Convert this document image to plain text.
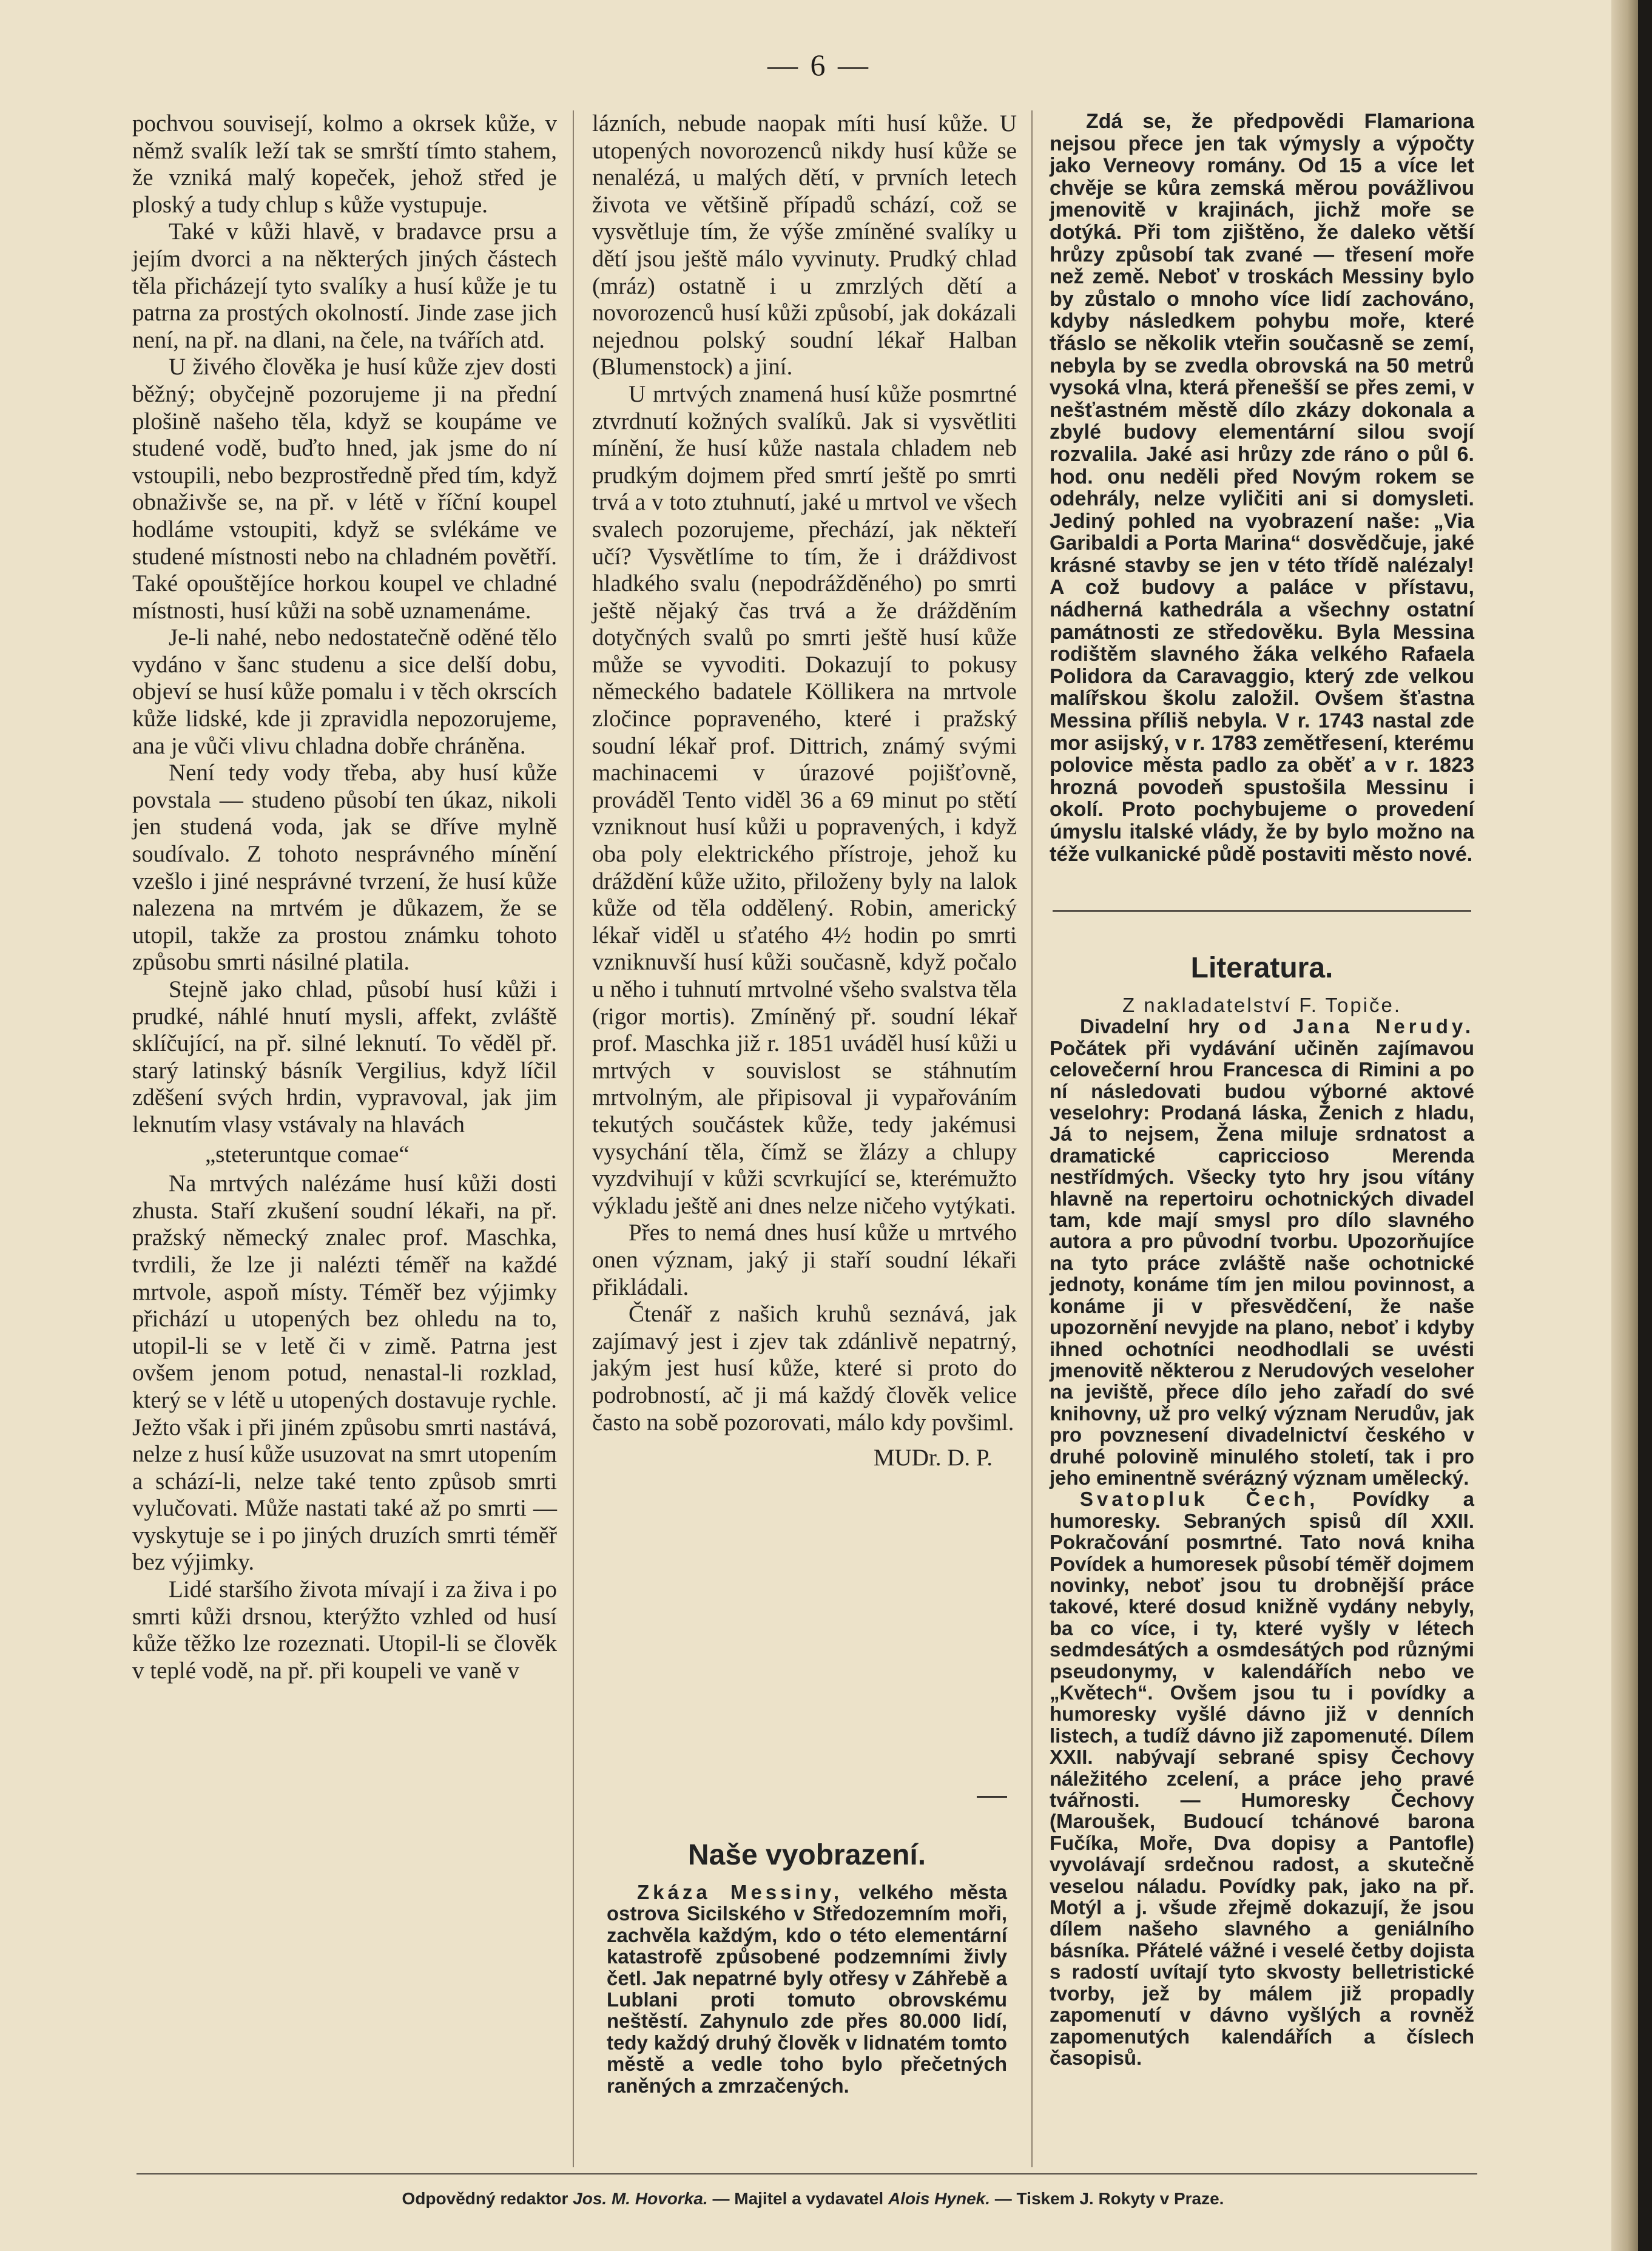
— 6 —

pochvou souvisejí, kolmo a okrsek kůže, v němž svalík leží tak se smrští tímto stahem, že vzniká malý kopeček, jehož střed je ploský a tudy chlup s kůže vystupuje.

Také v kůži hlavě, v bradavce prsu a jejím dvorci a na některých jiných částech těla přicházejí tyto svalíky a husí kůže je tu patrna za prostých okolností. Jinde zase jich není, na př. na dlani, na čele, na tvářích atd.

U živého člověka je husí kůže zjev dosti běžný; obyčejně pozorujeme ji na přední plošině našeho těla, když se koupáme ve studené vodě, buďto hned, jak jsme do ní vstoupili, nebo bezprostředně před tím, když obnaživše se, na př. v létě v říční koupel hodláme vstoupiti, když se svlékáme ve studené místnosti nebo na chladném povětří. Také opouštějíce horkou koupel ve chladné místnosti, husí kůži na sobě uznamenáme.

Je-li nahé, nebo nedostatečně oděné tělo vydáno v šanc studenu a sice delší dobu, objeví se husí kůže pomalu i v těch okrscích kůže lidské, kde ji zpravidla nepozorujeme, ana je vůči vlivu chladna dobře chráněna.

Není tedy vody třeba, aby husí kůže povstala — studeno působí ten úkaz, nikoli jen studená voda, jak se dříve mylně soudívalo. Z tohoto nesprávného mínění vzešlo i jiné nesprávné tvrzení, že husí kůže nalezena na mrtvém je důkazem, že se utopil, takže za prostou známku tohoto způsobu smrti násilné platila.

Stejně jako chlad, působí husí kůži i prudké, náhlé hnutí mysli, affekt, zvláště sklíčující, na př. silné leknutí. To věděl př. starý latinský básník Vergilius, když líčil zděšení svých hrdin, vypravoval, jak jim leknutím vlasy vstávaly na hlavách

„steteruntque comae“

Na mrtvých nalézáme husí kůži dosti zhusta. Staří zkušení soudní lékaři, na př. pražský německý znalec prof. Maschka, tvrdili, že lze ji nalézti téměř na každé mrtvole, aspoň místy. Téměř bez výjimky přichází u utopených bez ohledu na to, utopil-li se v letě či v zimě. Patrna jest ovšem jenom potud, nenastal-li rozklad, který se v létě u utopených dostavuje rychle. Ježto však i při jiném způsobu smrti nastává, nelze z husí kůže usuzovat na smrt utopením a schází-li, nelze také tento způsob smrti vylučovati. Může nastati také až po smrti — vyskytuje se i po jiných druzích smrti téměř bez výjimky.

Lidé staršího života mívají i za živa i po smrti kůži drsnou, kterýžto vzhled od husí kůže těžko lze rozeznati. Utopil-li se člověk v teplé vodě, na př. při koupeli ve vaně v

lázních, nebude naopak míti husí kůže. U utopených novorozenců nikdy husí kůže se nenalézá, u malých dětí, v prvních letech života ve většině případů schází, což se vysvětluje tím, že výše zmíněné svalíky u dětí jsou ještě málo vyvinuty. Prudký chlad (mráz) ostatně i u zmrzlých dětí a novorozenců husí kůži způsobí, jak dokázali nejednou polský soudní lékař Halban (Blumenstock) a jiní.

U mrtvých znamená husí kůže posmrtné ztvrdnutí kožných svalíků. Jak si vysvětliti mínění, že husí kůže nastala chladem neb prudkým dojmem před smrtí ještě po smrti trvá a v toto ztuhnutí, jaké u mrtvol ve všech svalech pozorujeme, přechází, jak někteří učí? Vysvětlíme to tím, že i dráždivost hladkého svalu (nepodrážděného) po smrti ještě nějaký čas trvá a že drážděním dotyčných svalů po smrti ještě husí kůže může se vyvoditi. Dokazují to pokusy německého badatele Köllikera na mrtvole zločince popraveného, které i pražský soudní lékař prof. Dittrich, známý svými machinacemi v úrazové pojišťovně, prováděl Tento viděl 36 a 69 minut po stětí vzniknout husí kůži u popravených, i když oba poly elektrického přístroje, jehož ku dráždění kůže užito, přiloženy byly na lalok kůže od těla oddělený. Robin, americký lékař viděl u sťatého 4½ hodin po smrti vzniknuvší husí kůži současně, když počalo u něho i tuhnutí mrtvolné všeho svalstva těla (rigor mortis). Zmíněný př. soudní lékař prof. Maschka již r. 1851 uváděl husí kůži u mrtvých v souvislost se stáhnutím mrtvolným, ale připisoval ji vypařováním tekutých součástek kůže, tedy jakémusi vysychání těla, čímž se žlázy a chlupy vyzdvihují v kůži scvrkující se, kterémužto výkladu ještě ani dnes nelze ničeho vytýkati.

Přes to nemá dnes husí kůže u mrtvého onen význam, jaký ji staří soudní lékaři přikládali.

Čtenář z našich kruhů seznává, jak zajímavý jest i zjev tak zdánlivě nepatrný, jakým jest husí kůže, které si proto do podrobností, ač ji má každý člověk velice často na sobě pozorovati, málo kdy povšiml.

MUDr. D. P.

Naše vyobrazení.

Zkáza Messiny, velkého města ostrova Sicilského v Středozemním moři, zachvěla každým, kdo o této elementární katastrofě způsobené podzemními živly četl. Jak nepatrné byly otřesy v Záhřebě a Lublani proti tomuto obrovskému neštěstí. Zahynulo zde přes 80.000 lidí, tedy každý druhý člověk v lidnatém tomto městě a vedle toho bylo přečetných raněných a zmrzačených.

Zdá se, že předpovědi Flamariona nejsou přece jen tak výmysly a výpočty jako Verneovy romány. Od 15 a více let chvěje se kůra zemská měrou povážlivou jmenovitě v krajinách, jichž moře se dotýká. Při tom zjištěno, že daleko větší hrůzy způsobí tak zvané — třesení moře než země. Neboť v troskách Messiny bylo by zůstalo o mnoho více lidí zachováno, kdyby následkem pohybu moře, které třáslo se několik vteřin současně se zemí, nebyla by se zvedla obrovská na 50 metrů vysoká vlna, která přenešší se přes zemi, v nešťastném městě dílo zkázy dokonala a zbylé budovy elementární silou svojí rozvalila. Jaké asi hrůzy zde ráno o půl 6. hod. onu neděli před Novým rokem se odehrály, nelze vyličiti ani si domysleti. Jediný pohled na vyobrazení naše: „Via Garibaldi a Porta Marina“ dosvědčuje, jaké krásné stavby se jen v této třídě nalézaly! A což budovy a paláce v přístavu, nádherná kathedrála a všechny ostatní památnosti ze středověku. Byla Messina rodištěm slavného žáka velkého Rafaela Polidora da Caravaggio, který zde velkou malířskou školu založil. Ovšem šťastna Messina příliš nebyla. V r. 1743 nastal zde mor asijský, v r. 1783 zemětřesení, kterému polovice města padlo za oběť a v r. 1823 hrozná povodeň spustošila Messinu i okolí. Proto pochybujeme o provedení úmyslu italské vlády, že by bylo možno na téže vulkanické půdě postaviti město nové.

Literatura.

Z nakladatelství F. Topiče.

Divadelní hry od Jana Nerudy. Počátek při vydávání učiněn zajímavou celovečerní hrou Francesca di Rimini a po ní následovati budou výborné aktové veselohry: Prodaná láska, Ženich z hladu, Já to nejsem, Žena miluje srdnatost a dramatické capriccioso Merenda nestřídmých. Všecky tyto hry jsou vítány hlavně na repertoiru ochotnických divadel tam, kde mají smysl pro dílo slavného autora a pro původní tvorbu. Upozorňujíce na tyto práce zvláště naše ochotnické jednoty, konáme tím jen milou povinnost, a konáme ji v přesvědčení, že naše upozornění nevyjde na plano, neboť i kdyby ihned ochotníci neodhodlali se uvésti jmenovitě některou z Nerudových veseloher na jeviště, přece dílo jeho zařadí do své knihovny, už pro velký význam Nerudův, jak pro povznesení divadelnictví českého v druhé polovině minulého století, tak i pro jeho eminentně svérázný význam umělecký.

Svatopluk Čech, Povídky a humoresky. Sebraných spisů díl XXII. Pokračování posmrtné. Tato nová kniha Povídek a humoresek působí téměř dojmem novinky, neboť jsou tu drobnější práce takové, které dosud knižně vydány nebyly, ba co více, i ty, které vyšly v létech sedmdesátých a osmdesátých pod různými pseudonymy, v kalendářích nebo ve „Květech“. Ovšem jsou tu i povídky a humoresky vyšlé dávno již v denních listech, a tudíž dávno již zapomenuté. Dílem XXII. nabývají sebrané spisy Čechovy náležitého zcelení, a práce jeho pravé tvářnosti. — Humoresky Čechovy (Maroušek, Budoucí tchánové barona Fučíka, Moře, Dva dopisy a Pantofle) vyvolávají srdečnou radost, a skutečně veselou náladu. Povídky pak, jako na př. Motýl a j. všude zřejmě dokazují, že jsou dílem našeho slavného a geniálního básníka. Přátelé vážné i veselé četby dojista s radostí uvítají tyto skvosty belletristické tvorby, jež by málem již propadly zapomenutí v dávno vyšlých a rovněž zapomenutých kalendářích a číslech časopisů.

Odpovědný redaktor Jos. M. Hovorka. — Majitel a vydavatel Alois Hynek. — Tiskem J. Rokyty v Praze.
